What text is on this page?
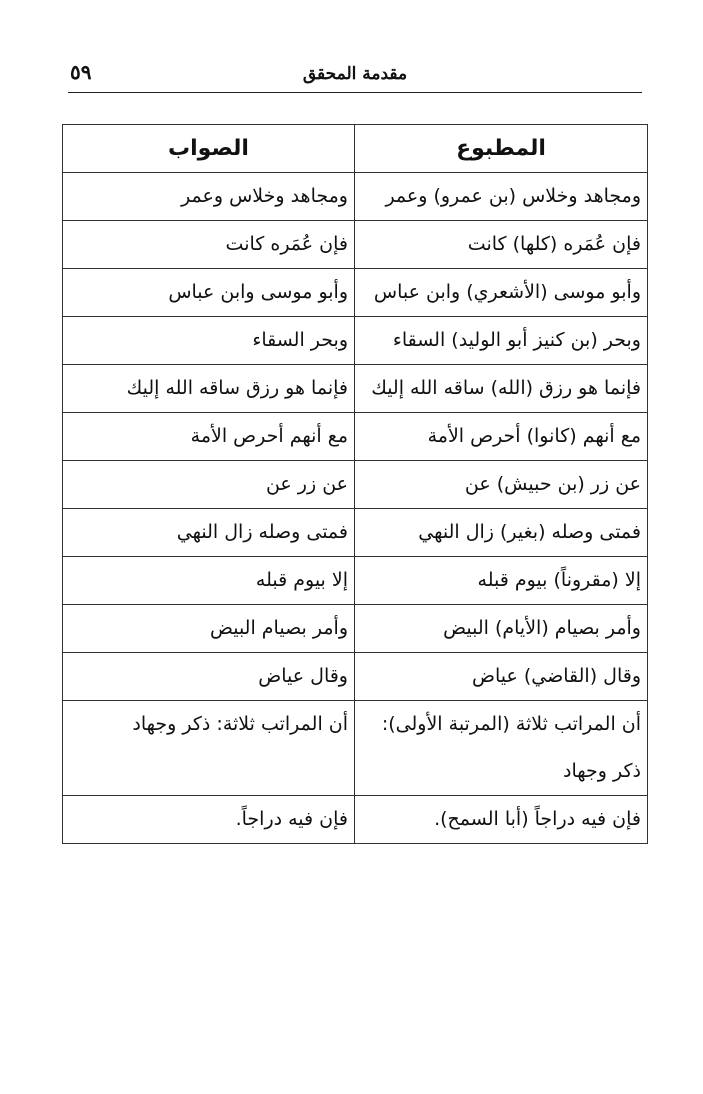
مقدمة المحقق
٥٩
المطبوع	الصواب
ومجاهد وخلاس (بن عمرو) وعمر	ومجاهد وخلاس وعمر
فإن عُمَره (كلها) كانت	فإن عُمَره كانت
وأبو موسى (الأشعري) وابن عباس	وأبو موسى وابن عباس
وبحر (بن كنيز أبو الوليد) السقاء	وبحر السقاء
فإنما هو رزق (الله) ساقه الله إليك	فإنما هو رزق ساقه الله إليك
مع أنهم (كانوا) أحرص الأمة	مع أنهم أحرص الأمة
عن زر (بن حبيش) عن	عن زر عن
فمتى وصله (بغير) زال النهي	فمتى وصله زال النهي
إلا (مقروناً) بيوم قبله	إلا بيوم قبله
وأمر بصيام (الأيام) البيض	وأمر بصيام البيض
وقال (القاضي) عياض	وقال عياض
أن المراتب ثلاثة (المرتبة الأولى): ذكر وجهاد	أن المراتب ثلاثة: ذكر وجهاد
فإن فيه دراجاً (أبا السمح).	فإن فيه دراجاً.
